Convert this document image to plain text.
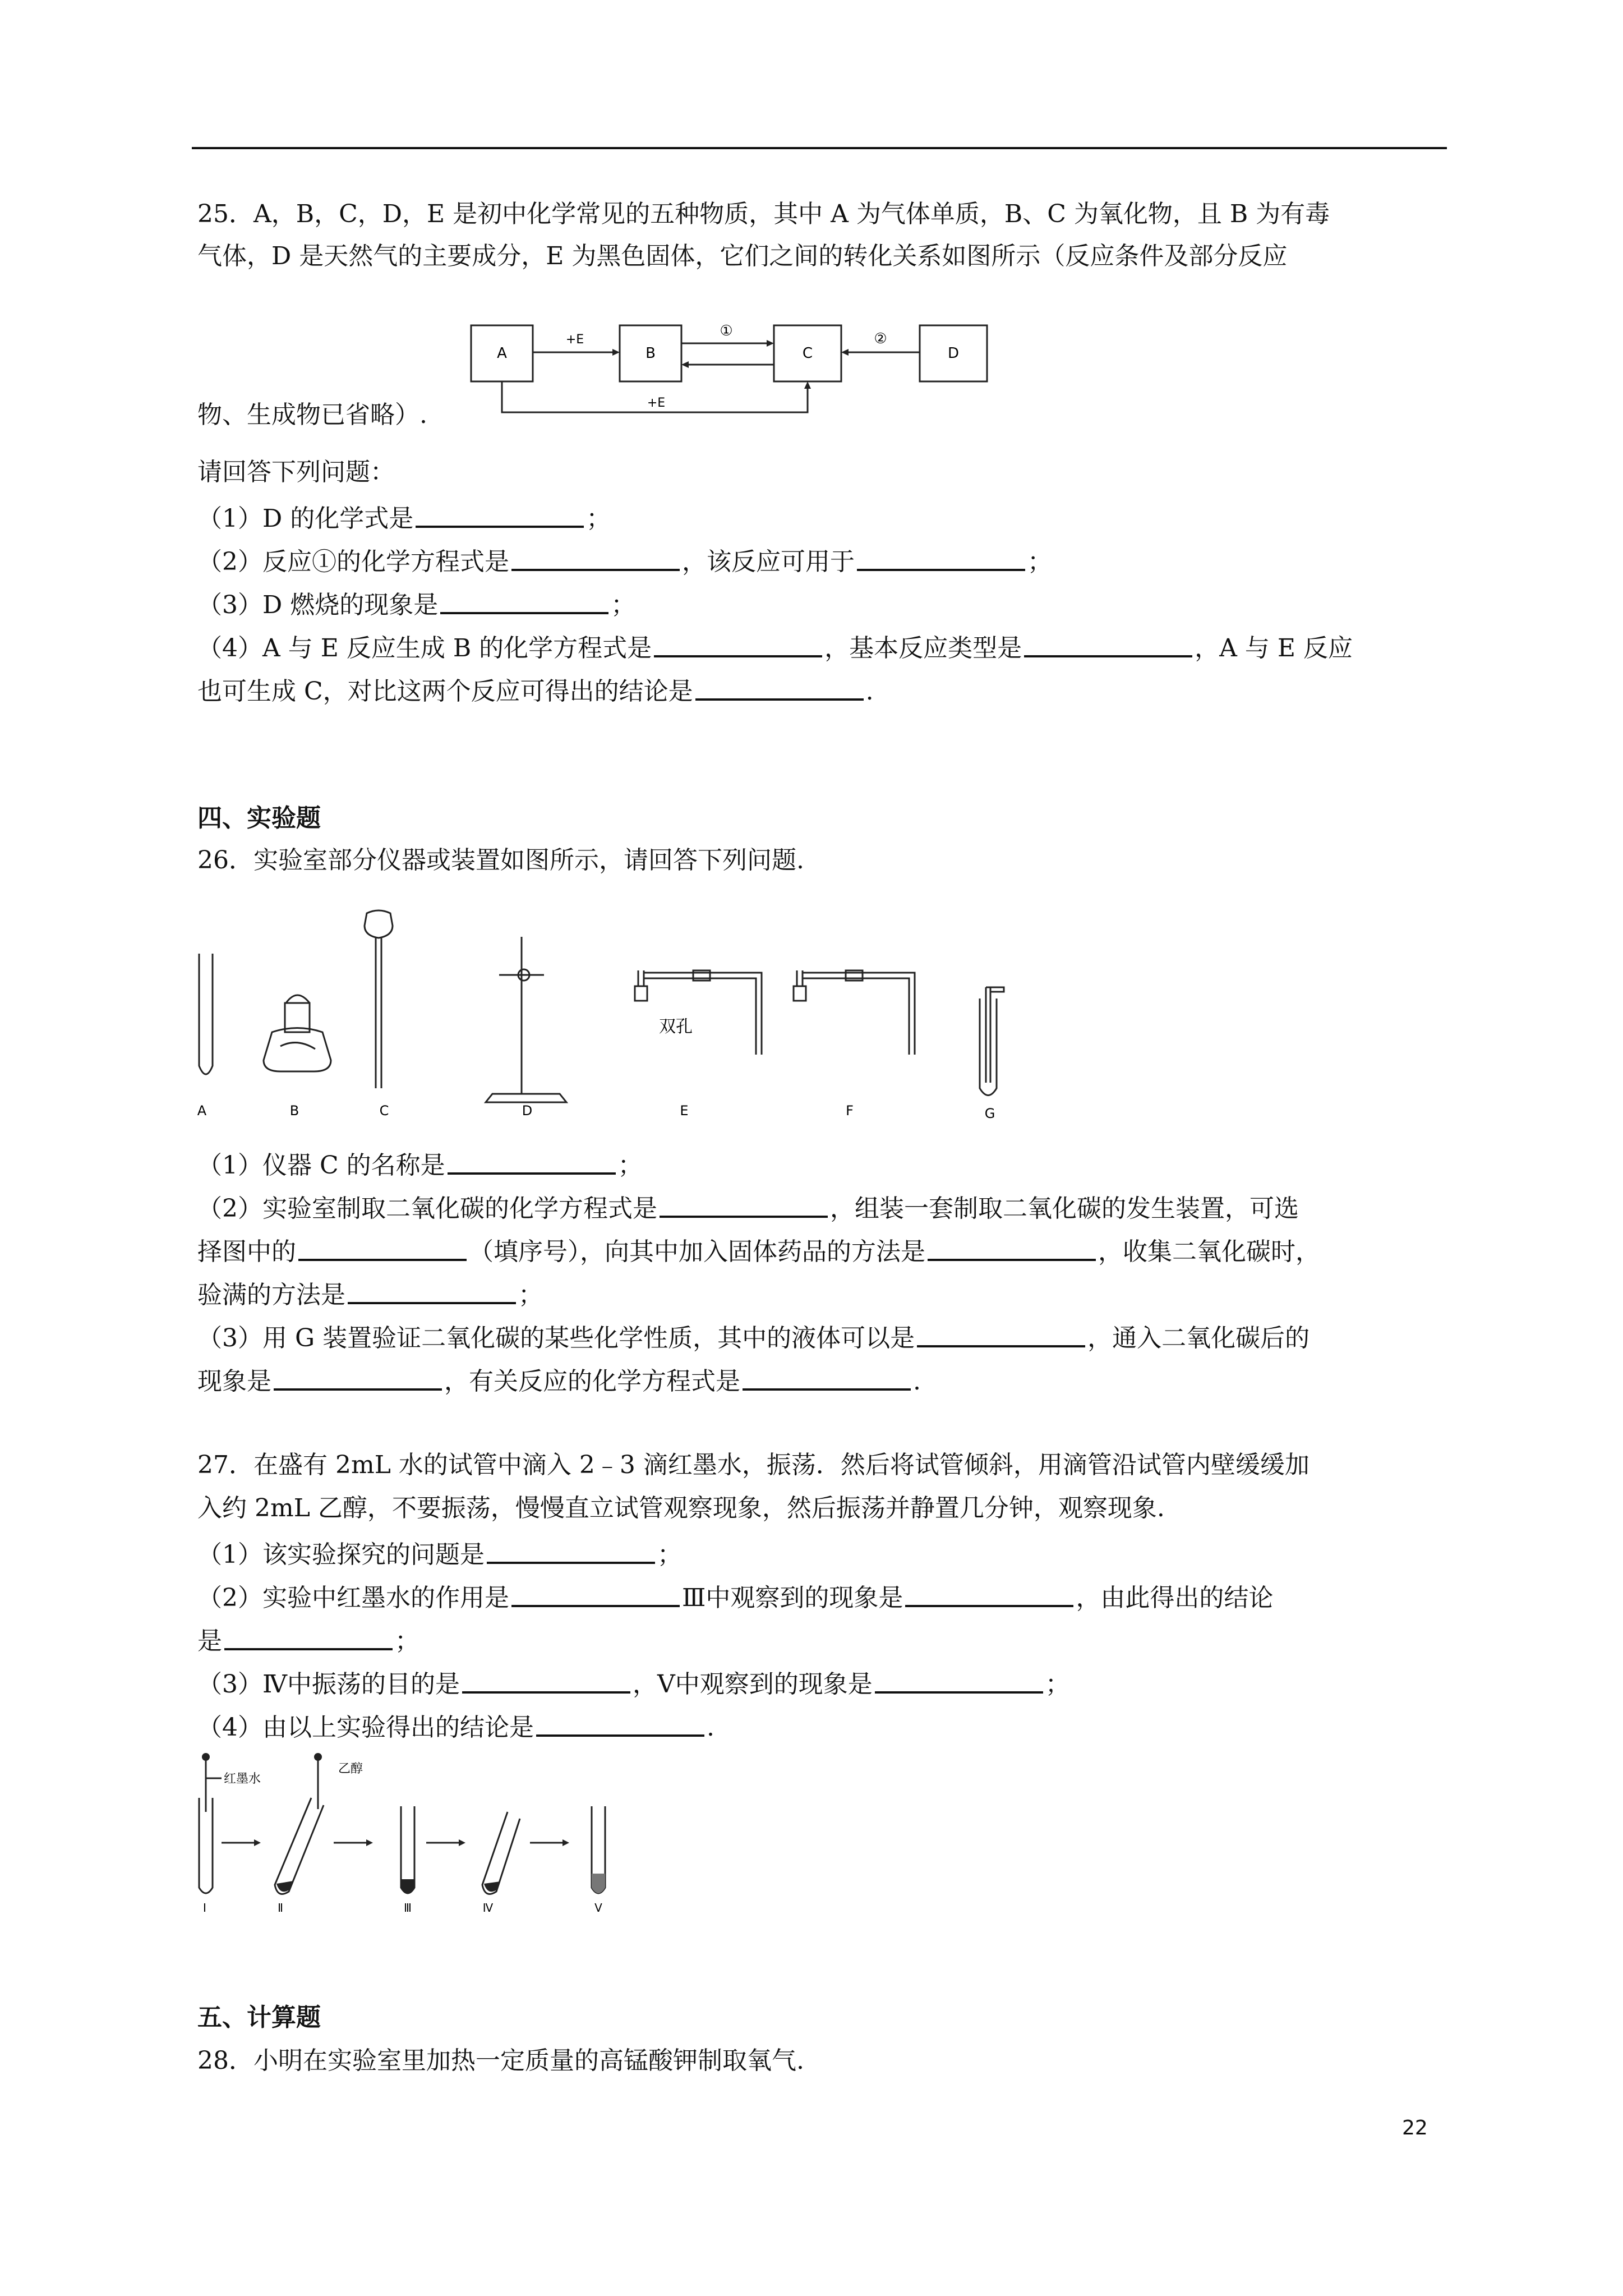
25．A，B，C，D，E 是初中化学常见的五种物质，其中 A 为气体单质，B、C 为氧化物，且 B 为有毒
气体，D 是天然气的主要成分，E 为黑色固体，它们之间的转化关系如图所示（反应条件及部分反应
A	B	C	D
+E
①	②
+E
物、生成物已省略）.
请回答下列问题：
（1）D 的化学式是	；
（2）反应①的化学方程式是	，该反应可用于	；
（3）D 燃烧的现象是	；
（4）A 与 E 反应生成 B 的化学方程式是	，基本反应类型是	，A 与 E 反应
也可生成 C，对比这两个反应可得出的结论是	.
四、实验题
26．实验室部分仪器或装置如图所示，请回答下列问题.
双孔
A	B	C	D	E	F	G
（1）仪器 C 的名称是	；
（2）实验室制取二氧化碳的化学方程式是	，组装一套制取二氧化碳的发生装置，可选
择图中的	（填序号），向其中加入固体药品的方法是	，收集二氧化碳时，
验满的方法是	；
（3）用 G 装置验证二氧化碳的某些化学性质，其中的液体可以是	，通入二氧化碳后的
现象是	，有关反应的化学方程式是	.
27．在盛有 2mL 水的试管中滴入 2﹣3 滴红墨水，振荡．然后将试管倾斜，用滴管沿试管内壁缓缓加
入约 2mL 乙醇，不要振荡，慢慢直立试管观察现象，然后振荡并静置几分钟，观察现象.
（1）该实验探究的问题是	；
（2）实验中红墨水的作用是	Ⅲ中观察到的现象是	，由此得出的结论
是	；
（3）Ⅳ中振荡的目的是	，Ⅴ中观察到的现象是	；
（4）由以上实验得出的结论是	.
红墨水
乙醇
Ⅰ	Ⅱ	Ⅲ	Ⅳ	Ⅴ
五、计算题
28．小明在实验室里加热一定质量的高锰酸钾制取氧气.
22
